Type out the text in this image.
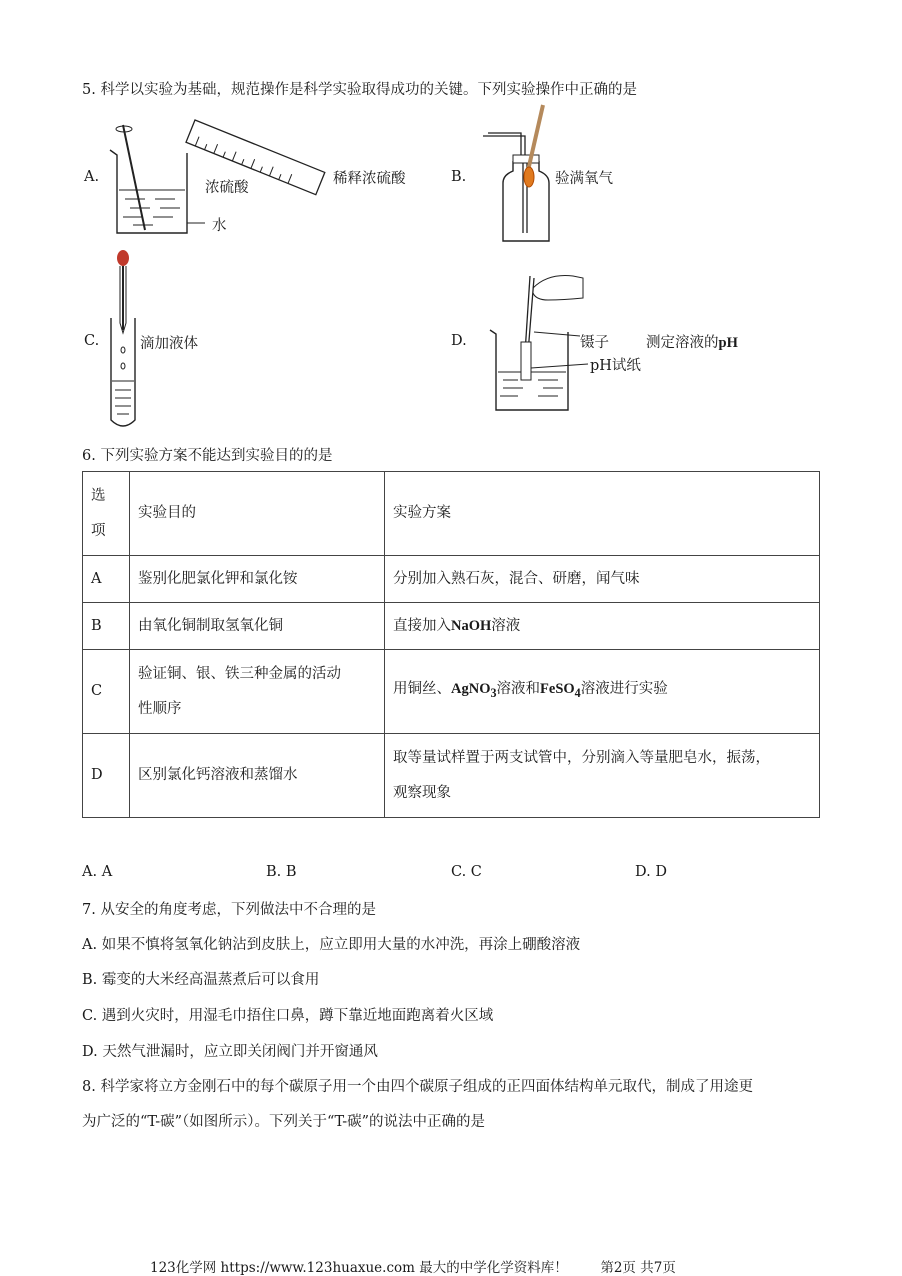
5. 科学以实验为基础，规范操作是科学实验取得成功的关键。下列实验操作中正确的是
A.
浓硫酸
水
稀释浓硫酸	B.	验满氧气
C.	滴加液体	D.	镊子	测定溶液的pH
pH试纸
6. 下列实验方案不能达到实验目的的是
选
项	实验目的	实验方案
A	鉴别化肥氯化钾和氯化铵	分别加入熟石灰，混合、研磨，闻气味
B	由氧化铜制取氢氧化铜	直接加入NaOH溶液
C	验证铜、银、铁三种金属的活动
性顺序	用铜丝、AgNO$_3$溶液和FeSO$_4$溶液进行实验
D	区别氯化钙溶液和蒸馏水	取等量试样置于两支试管中，分别滴入等量肥皂水，振荡，
观察现象
A. A	B. B	C. C	D. D
7. 从安全的角度考虑，下列做法中不合理的是
A. 如果不慎将氢氧化钠沾到皮肤上，应立即用大量的水冲洗，再涂上硼酸溶液
B. 霉变的大米经高温蒸煮后可以食用
C. 遇到火灾时，用湿毛巾捂住口鼻，蹲下靠近地面跑离着火区域
D. 天然气泄漏时，应立即关闭阀门并开窗通风
8. 科学家将立方金刚石中的每个碳原子用一个由四个碳原子组成的正四面体结构单元取代，制成了用途更
为广泛的“T-碳”（如图所示）。下列关于“T-碳”的说法中正确的是
123化学网 https://www.123huaxue.com 最大的中学化学资料库！ 第2页 共7页
